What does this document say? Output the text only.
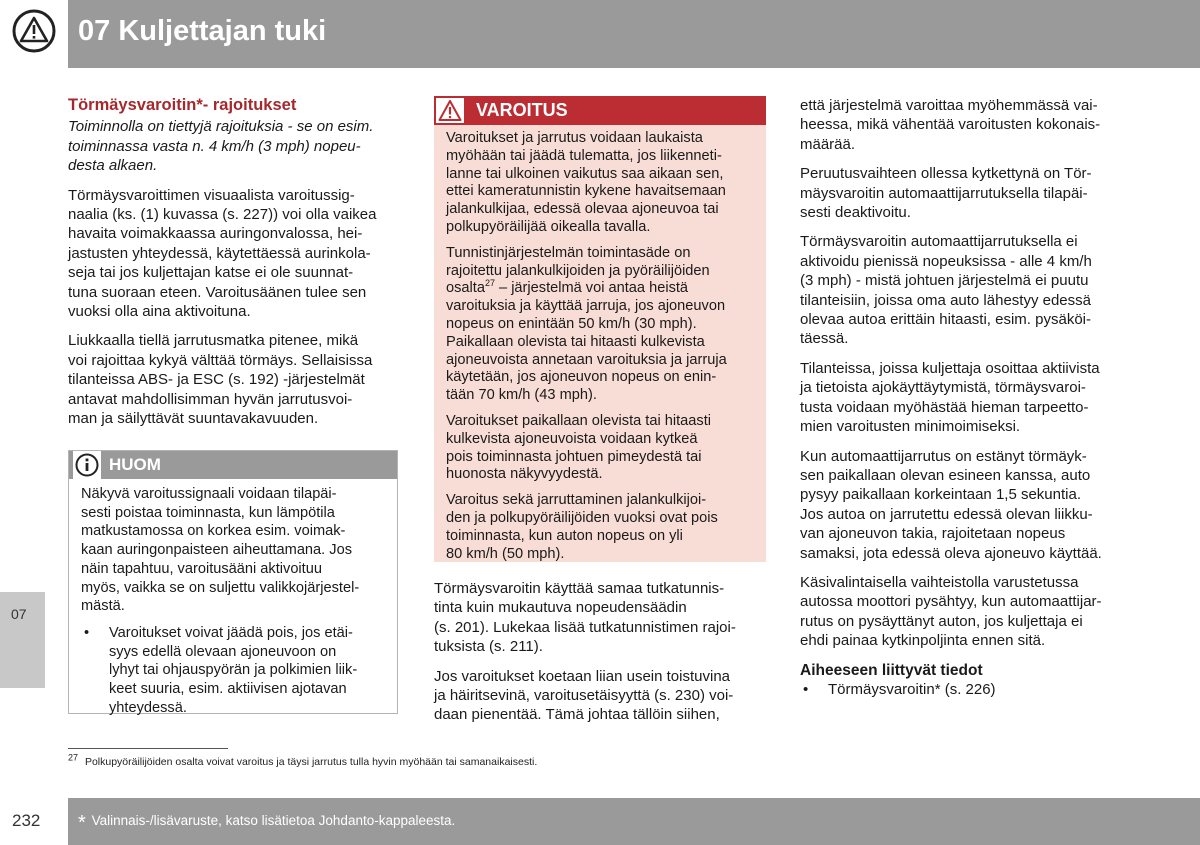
07 Kuljettajan tuki
07
Törmäysvaroitin*- rajoitukset

Toiminnolla on tiettyjä rajoituksia - se on esim.
toiminnassa vasta n. 4 km/h (3 mph) nopeu-
desta alkaen.

Törmäysvaroittimen visuaalista varoitussig-
naalia (ks. (1) kuvassa (s. 227)) voi olla vaikea
havaita voimakkaassa auringonvalossa, hei-
jastusten yhteydessä, käytettäessä aurinkola-
seja tai jos kuljettajan katse ei ole suunnat-
tuna suoraan eteen. Varoitusäänen tulee sen
vuoksi olla aina aktivoituna.

Liukkaalla tiellä jarrutusmatka pitenee, mikä
voi rajoittaa kykyä välttää törmäys. Sellaisissa
tilanteissa ABS- ja ESC (s. 192) -järjestelmät
antavat mahdollisimman hyvän jarrutusvoi-
man ja säilyttävät suuntavakavuuden.

HUOM

Näkyvä varoitussignaali voidaan tilapäi-
sesti poistaa toiminnasta, kun lämpötila
matkustamossa on korkea esim. voimak-
kaan auringonpaisteen aiheuttamana. Jos
näin tapahtuu, varoitusääni aktivoituu
myös, vaikka se on suljettu valikkojärjestel-
mästä.

• Varoitukset voivat jäädä pois, jos etäi-
syys edellä olevaan ajoneuvoon on
lyhyt tai ohjauspyörän ja polkimien liik-
keet suuria, esim. aktiivisen ajotavan
yhteydessä.
VAROITUS

Varoitukset ja jarrutus voidaan laukaista
myöhään tai jäädä tulematta, jos liikenneti-
lanne tai ulkoinen vaikutus saa aikaan sen,
ettei kameratunnistin kykene havaitsemaan
jalankulkijaa, edessä olevaa ajoneuvoa tai
polkupyöräilijää oikealla tavalla.

Tunnistinjärjestelmän toimintasäde on
rajoitettu jalankulkijoiden ja pyöräilijöiden
osalta$^{27}$ – järjestelmä voi antaa heistä
varoituksia ja käyttää jarruja, jos ajoneuvon
nopeus on enintään 50 km/h (30 mph).
Paikallaan olevista tai hitaasti kulkevista
ajoneuvoista annetaan varoituksia ja jarruja
käytetään, jos ajoneuvon nopeus on enin-
tään 70 km/h (43 mph).

Varoitukset paikallaan olevista tai hitaasti
kulkevista ajoneuvoista voidaan kytkeä
pois toiminnasta johtuen pimeydestä tai
huonosta näkyvyydestä.

Varoitus sekä jarruttaminen jalankulkijoi-
den ja polkupyöräilijöiden vuoksi ovat pois
toiminnasta, kun auton nopeus on yli
80 km/h (50 mph).

Törmäysvaroitin käyttää samaa tutkatunnis-
tinta kuin mukautuva nopeudensäädin
(s. 201). Lukekaa lisää tutkatunnistimen rajoi-
tuksista (s. 211).

Jos varoitukset koetaan liian usein toistuvina
ja häiritsevinä, varoitusetäisyyttä (s. 230) voi-
daan pienentää. Tämä johtaa tällöin siihen,

että järjestelmä varoittaa myöhemmässä vai-
heessa, mikä vähentää varoitusten kokonais-
määrää.

Peruutusvaihteen ollessa kytkettynä on Tör-
mäysvaroitin automaattijarrutuksella tilapäi-
sesti deaktivoitu.

Törmäysvaroitin automaattijarrutuksella ei
aktivoidu pienissä nopeuksissa - alle 4 km/h
(3 mph) - mistä johtuen järjestelmä ei puutu
tilanteisiin, joissa oma auto lähestyy edessä
olevaa autoa erittäin hitaasti, esim. pysäköi-
täessä.

Tilanteissa, joissa kuljettaja osoittaa aktiivista
ja tietoista ajokäyttäytymistä, törmäysvaroi-
tusta voidaan myöhästää hieman tarpeetto-
mien varoitusten minimoimiseksi.

Kun automaattijarrutus on estänyt törmäyk-
sen paikallaan olevan esineen kanssa, auto
pysyy paikallaan korkeintaan 1,5 sekuntia.
Jos autoa on jarrutettu edessä olevan liikku-
van ajoneuvon takia, rajoitetaan nopeus
samaksi, jota edessä oleva ajoneuvo käyttää.

Käsivalintaisella vaihteistolla varustetussa
autossa moottori pysähtyy, kun automaattijar-
rutus on pysäyttänyt auton, jos kuljettaja ei
ehdi painaa kytkinpoljinta ennen sitä.

Aiheeseen liittyvät tiedot
• Törmäysvaroitin* (s. 226)
$^{27}$ Polkupyöräilijöiden osalta voivat varoitus ja täysi jarrutus tulla hyvin myöhään tai samanaikaisesti.
232 * Valinnais-/lisävaruste, katso lisätietoa Johdanto-kappaleesta.
